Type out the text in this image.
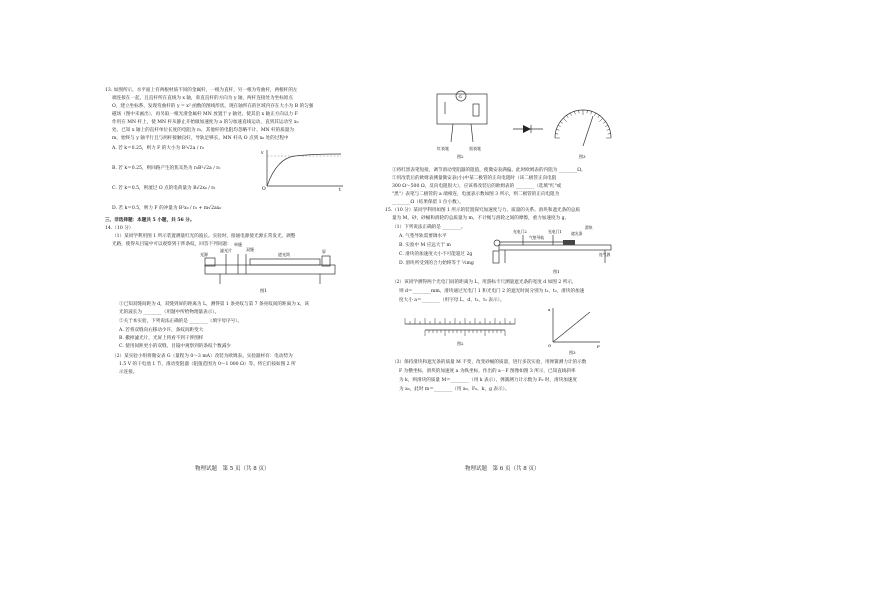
13. 如图所示，水平面上有两根材质不同的金属杆，一根为直杆，另一根为弯曲杆，两根杆的左
端连接在一起，且直杆所在直线为 x 轴，垂直直杆的方向为 y 轴，两杆连接处为坐标原点
O，建立坐标系，发现弯曲杆的 y = x² 函数的图线形状。现在轴所在的区域内存在大小为 B 的匀强
磁场（图中未画出），再另取一根光滑金属杆 MN 放置于 y 轴处，使其沿 x 轴正方向以力 F
作用在 MN 杆上，使 MN 杆从静止开始做加速度为 a 的匀加速直线运动，直到其运动至 x₀
处。已知 x 轴上的直杆单位长度的电阻为 r₀，其他杆的电阻均忽略不计，MN 杆的质量为
m，始终与 y 轴平行且与两杆接触良好，导轨足够长，MN 杆从 O 点到 x₀ 处的过程中
A. 若 k＝0.25，则力 F 的大小为 B²√2a / r₀
B. 若 k＝0.25，则回路产生的焦耳热为 r₀B²√2a / r₀
C. 若 k＝0.5，则流过 O 点的电荷量为 B√2x₀ / r₀
D. 若 k＝0.5，则力 F 的冲量为 B²x₀ / r₀ + m√2ax₀
O	t
v
三、非选择题：本题共 5 小题，共 56 分。
14.（10 分）
（1）某同学利用图 1 所示装置测量红光的波长。实验时，接通电源使光源正常发光，调整
光路，使得从目镜中可以观察到干涉条纹，回答下列问题：
光源
滤光片
单缝
双缝
遮光筒
屏
图1
①已知双缝间距为 d，双缝到屏的距离为 L，测得第 1 条亮纹与第 7 条亮纹间的距离为 x，该
光的波长为 ________（用题中所给物理量表示）。
②关于本实验，下列说法正确的是 ________（填字母序号）。
A. 若将双缝向右移动少许，条纹间距变大
B. 撤掉滤光片，光屏上将看不到干涉图样
C. 使用间距更小的双缝，目镜中观察到的条纹个数减少
（2）某实验小组将微安表 G（量程为 0～3 mA）改装为欧姆表。实验器材有：电动势为
1.5 V 的干电池 1 节，滑动变阻器（阻值范围为 0～1 000 Ω）等。将它们按如图 2 所
示连接。
物理试题　第 5 页（共 8 页）
G
红表笔	黑表笔
图2	图3
①将红黑表笔短接，调节滑动变阻器的阻值，使微安表满偏，此时欧姆表的内阻为 ________Ω。
②用改装后的欧姆表测量微安表(小)中某二极管的正向电阻时（该二极管正向电阻
300 Ω～500 Ω，反向电阻很大），应该将改装后的欧姆表的 ________（选填"红"或
"黑"）表笔与二极管的 a 端相连，电流表示数如图 3 所示，则二极管的正向电阻为
________Ω（结果保留 1 位小数）。
15.（10 分）某同学利用如图 1 所示的装置探究加速度与力、质量的关系。滑块和遮光条的总质
量为 M，砂、砂桶和滑轮的总质量为 m，不计绳与滑轮之间的摩擦，重力加速度为 g。
（1）下列说法正确的是 ________。
A. 气垫导轨需要调水平
B. 实验中 M 应远大于 m
C. 滑块的加速度大小不可能超过 2g
D. 滑块所受到的合力始终等于 ½mg
光电门2
气垫导轨
光电门1 遮光条
滑块
连气源
图1
（2）该同学测得两个光电门间的距离为 L，用游标卡尺测量遮光条的宽度 d 如图 2 所示，
则 d＝________mm。滑块通过光电门 1 和光电门 2 的遮光时间分别为 t₁、t₂，滑块的加速
度大小 a＝________（用字母 L、d、t₁、t₂ 表示）。
图2
a
F
O
图3
（3）保持滑块和遮光条的质量 M 不变，改变砂桶的质量，进行多次实验，用弹簧测力计的示数
F 为横坐标，滑块的加速度 a 为纵坐标，作出的 a－F 图像如图 3 所示，已知直线斜率
为 k，则滑块的质量 M＝________（用 k 表示），弹簧测力计示数为 F₀ 时，滑块加速度
为 a₀，此时 m＝________（用 a₀、F₀、k、g 表示）。
物理试题　第 6 页（共 8 页）
